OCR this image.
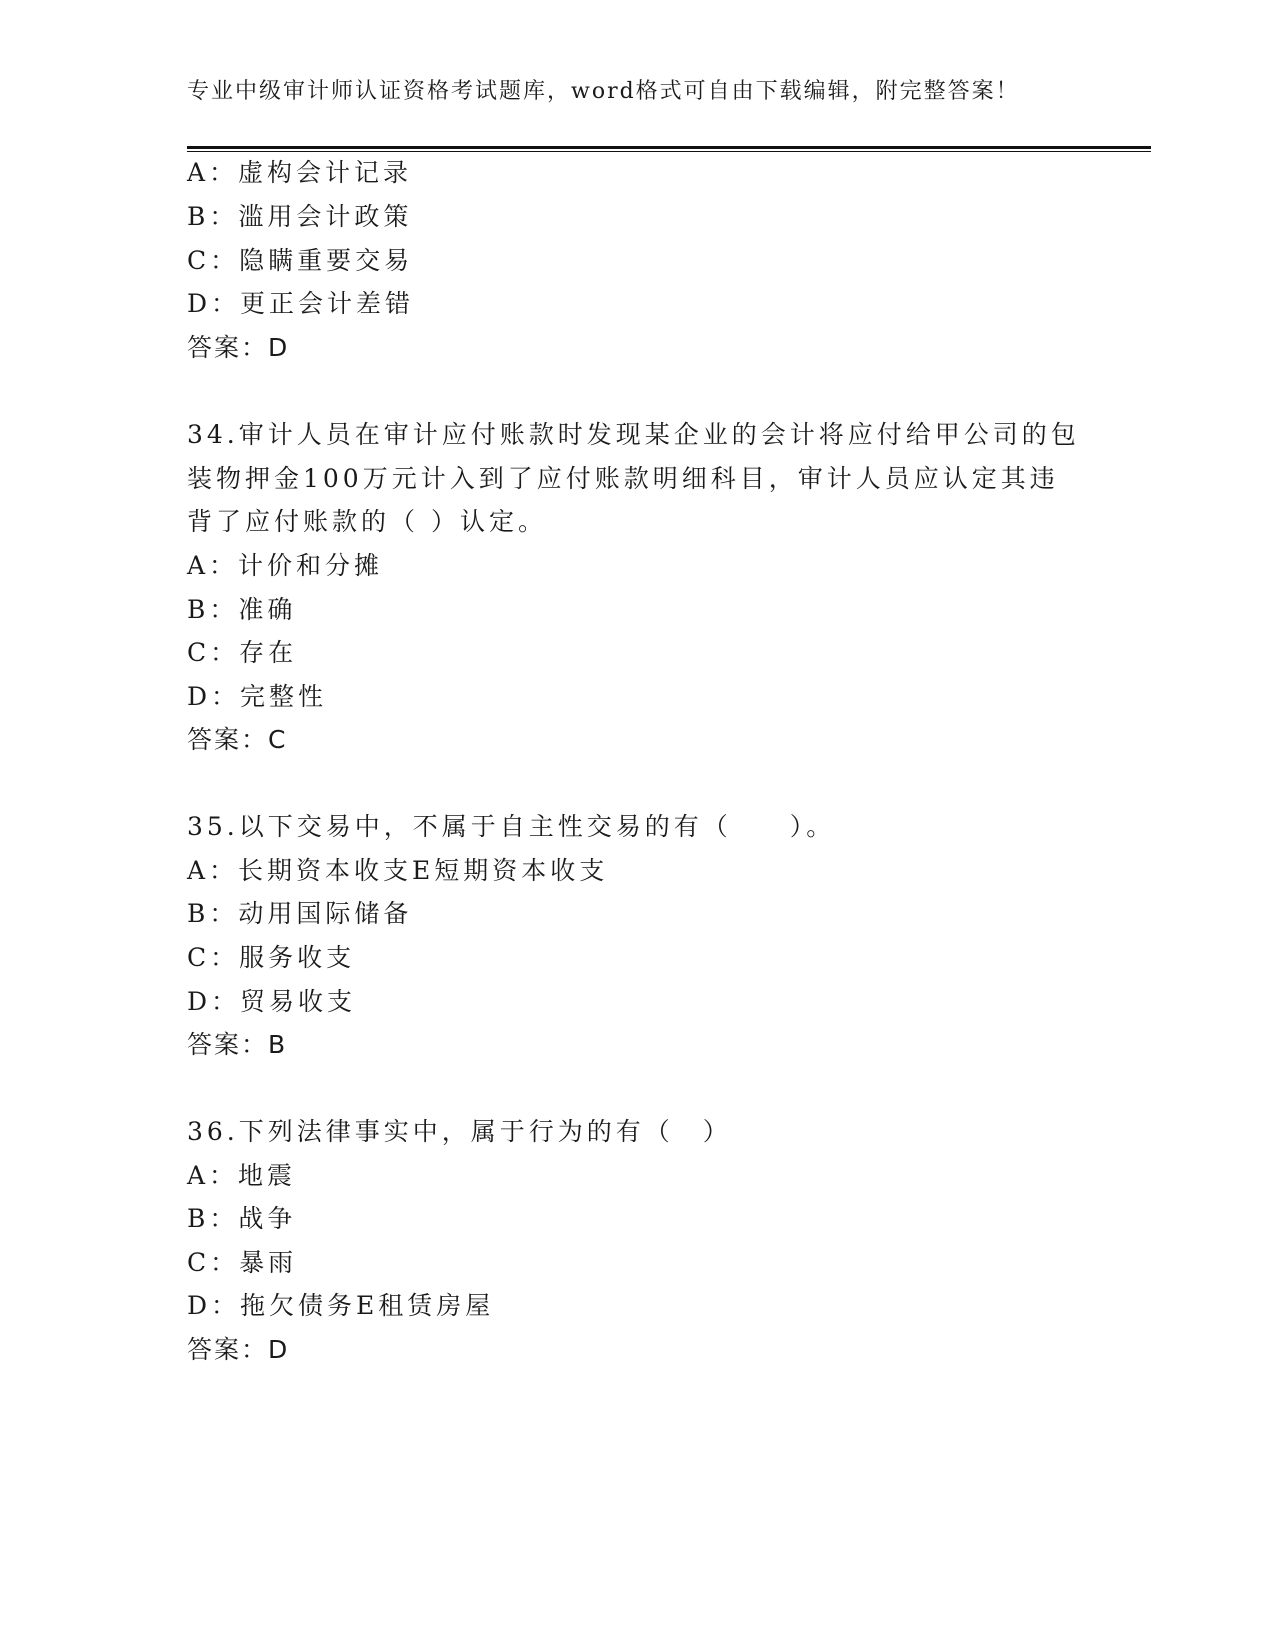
专业中级审计师认证资格考试题库，word格式可自由下载编辑，附完整答案！
A：虚构会计记录
B：滥用会计政策
C：隐瞒重要交易
D：更正会计差错
答案：D
34.审计人员在审计应付账款时发现某企业的会计将应付给甲公司的包
装物押金100万元计入到了应付账款明细科目，审计人员应认定其违
背了应付账款的（ ）认定。
A：计价和分摊
B：准确
C：存在
D：完整性
答案：C
35.以下交易中，不属于自主性交易的有（　　）。
A：长期资本收支E短期资本收支
B：动用国际储备
C：服务收支
D：贸易收支
答案：B
36.下列法律事实中，属于行为的有（　）
A：地震
B：战争
C：暴雨
D：拖欠债务E租赁房屋
答案：D
